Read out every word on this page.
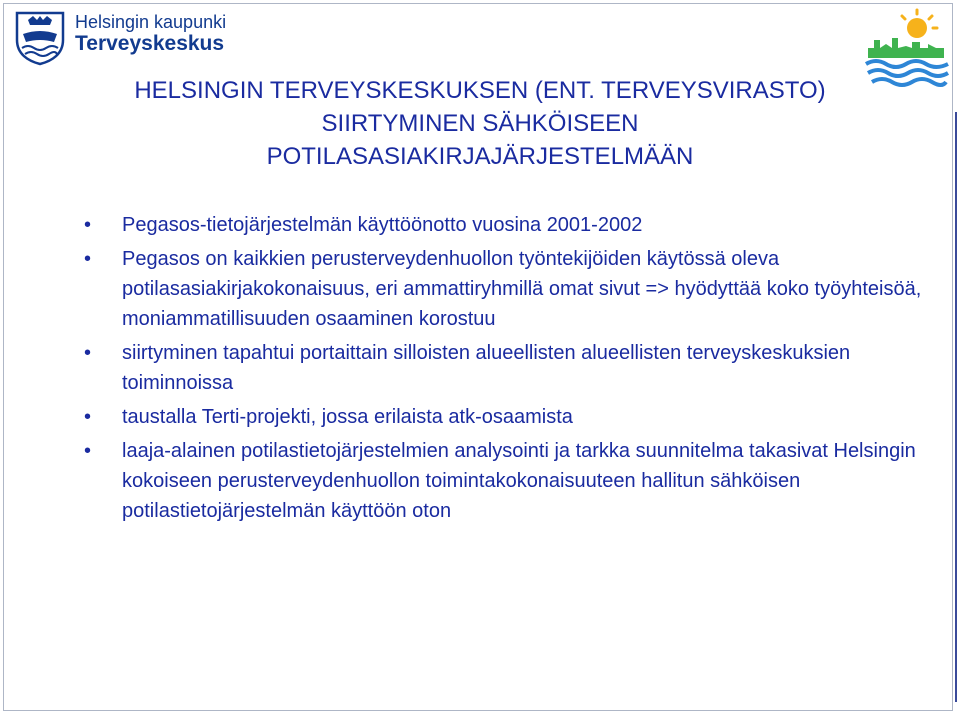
Helsingin kaupunki
Terveyskeskus
HELSINGIN TERVEYSKESKUKSEN (ENT. TERVEYSVIRASTO)
SIIRTYMINEN SÄHKÖISEEN
POTILASASIAKIRJAJÄRJESTELMÄÄN
• Pegasos-tietojärjestelmän käyttöönotto vuosina 2001-2002
• Pegasos on kaikkien perusterveydenhuollon työntekijöiden käytössä oleva potilasasiakirjakokonaisuus, eri ammattiryhmillä omat sivut => hyödyttää koko työyhteisöä, moniammatillisuuden osaaminen korostuu
• siirtyminen tapahtui portaittain silloisten alueellisten alueellisten terveyskeskuksien toiminnoissa
• taustalla Terti-projekti, jossa erilaista atk-osaamista
• laaja-alainen potilastietojärjestelmien analysointi ja tarkka suunnitelma takasivat Helsingin kokoiseen perusterveydenhuollon toimintakokonaisuuteen hallitun sähköisen potilastietojärjestelmän käyttöön oton
